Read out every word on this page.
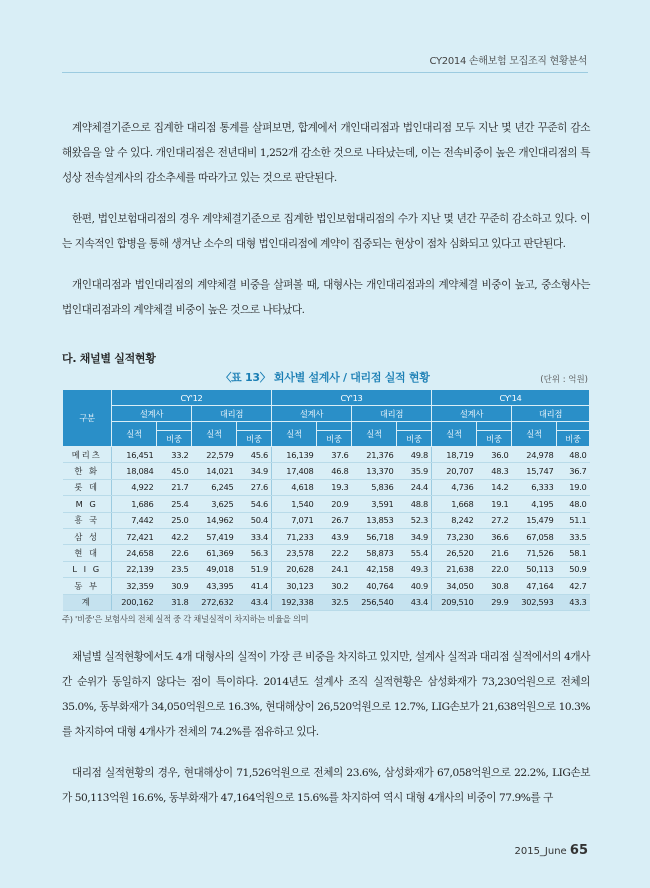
CY2014 손해보험 모집조직 현황분석

계약체결기준으로 집계한 대리점 통계를 살펴보면, 합계에서 개인대리점과 법인대리점 모두 지난 몇 년간 꾸준히 감소해왔음을 알 수 있다. 개인대리점은 전년대비 1,252개 감소한 것으로 나타났는데, 이는 전속비중이 높은 개인대리점의 특성상 전속설계사의 감소추세를 따라가고 있는 것으로 판단된다.

한편, 법인보험대리점의 경우 계약체결기준으로 집계한 법인보험대리점의 수가 지난 몇 년간 꾸준히 감소하고 있다. 이는 지속적인 합병을 통해 생겨난 소수의 대형 법인대리점에 계약이 집중되는 현상이 점차 심화되고 있다고 판단된다.

개인대리점과 법인대리점의 계약체결 비중을 살펴볼 때, 대형사는 개인대리점과의 계약체결 비중이 높고, 중소형사는 법인대리점과의 계약체결 비중이 높은 것으로 나타났다.

다. 채널별 실적현황
〈표 13〉 회사별 설계사 / 대리점 실적 현황	(단위 : 억원)
구분	CY'12				CY'13				CY'14			
	설계사		대리점		설계사		대리점		설계사		대리점	
	실적		실적		실적		실적		실적		실적	
		비중		비중		비중		비중		비중		비중
메리츠	16,451	33.2	22,579	45.6	16,139	37.6	21,376	49.8	18,719	36.0	24,978	48.0
한 화	18,084	45.0	14,021	34.9	17,408	46.8	13,370	35.9	20,707	48.3	15,747	36.7
롯 데	4,922	21.7	6,245	27.6	4,618	19.3	5,836	24.4	4,736	14.2	6,333	19.0
M G	1,686	25.4	3,625	54.6	1,540	20.9	3,591	48.8	1,668	19.1	4,195	48.0
흥 국	7,442	25.0	14,962	50.4	7,071	26.7	13,853	52.3	8,242	27.2	15,479	51.1
삼 성	72,421	42.2	57,419	33.4	71,233	43.9	56,718	34.9	73,230	36.6	67,058	33.5
현 대	24,658	22.6	61,369	56.3	23,578	22.2	58,873	55.4	26,520	21.6	71,526	58.1
L I G	22,139	23.5	49,018	51.9	20,628	24.1	42,158	49.3	21,638	22.0	50,113	50.9
동 부	32,359	30.9	43,395	41.4	30,123	30.2	40,764	40.9	34,050	30.8	47,164	42.7
계	200,162	31.8	272,632	43.4	192,338	32.5	256,540	43.4	209,510	29.9	302,593	43.3
주) '비중'은 보험사의 전체 실적 중 각 채널실적이 차지하는 비율을 의미

채널별 실적현황에서도 4개 대형사의 실적이 가장 큰 비중을 차지하고 있지만, 설계사 실적과 대리점 실적에서의 4개사 간 순위가 동일하지 않다는 점이 특이하다. 2014년도 설계사 조직 실적현황은 삼성화재가 73,230억원으로 전체의 35.0%, 동부화재가 34,050억원으로 16.3%, 현대해상이 26,520억원으로 12.7%, LIG손보가 21,638억원으로 10.3%를 차지하여 대형 4개사가 전체의 74.2%를 점유하고 있다.

대리점 실적현황의 경우, 현대해상이 71,526억원으로 전체의 23.6%, 삼성화재가 67,058억원으로 22.2%, LIG손보가 50,113억원 16.6%, 동부화재가 47,164억원으로 15.6%를 차지하여 역시 대형 4개사의 비중이 77.9%를 구

2015_June 65
